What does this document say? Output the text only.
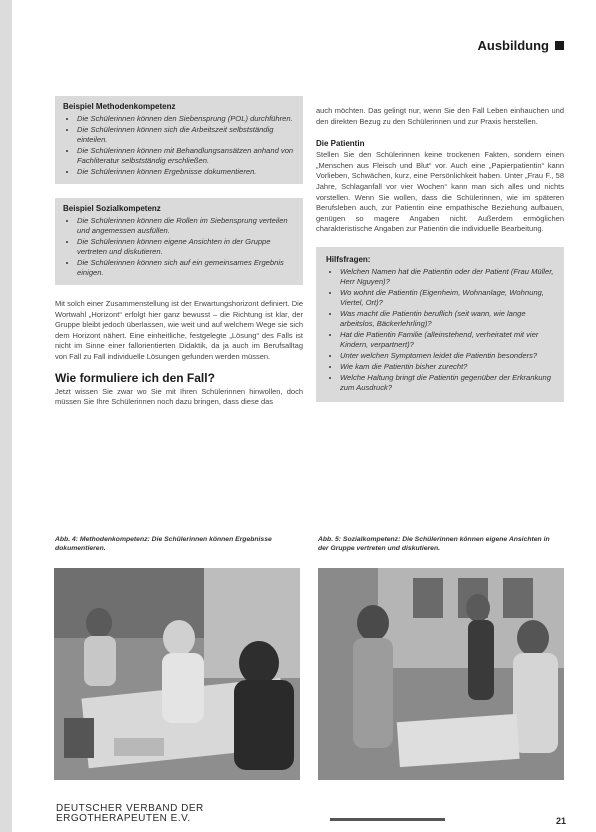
Ausbildung
Beispiel Methodenkompetenz
• Die Schülerinnen können den Siebensprung (POL) durchführen.
• Die Schülerinnen können sich die Arbeitszeit selbstständig einteilen.
• Die Schülerinnen können mit Behandlungsansätzen anhand von Fachliteratur selbstständig erschließen.
• Die Schülerinnen können Ergebnisse dokumentieren.
Beispiel Sozialkompetenz
• Die Schülerinnen können die Rollen im Siebensprung verteilen und angemessen ausfüllen.
• Die Schülerinnen können eigene Ansichten in der Gruppe vertreten und diskutieren.
• Die Schülerinnen können sich auf ein gemeinsames Ergebnis einigen.

Mit solch einer Zusammenstellung ist der Erwartungshorizont definiert. Die Wortwahl „Horizont“ erfolgt hier ganz bewusst – die Richtung ist klar, der Gruppe bleibt jedoch überlassen, wie weit und auf welchem Wege sie sich dem Horizont nähert. Eine einheitliche, festgelegte „Lösung“ des Falls ist nicht im Sinne einer fallorientierten Didaktik, da ja auch im Berufsalltag von Fall zu Fall individuelle Lösungen gefunden werden müssen.

Wie formuliere ich den Fall?

Jetzt wissen Sie zwar wo Sie mit Ihren Schülerinnen hinwollen, doch müssen Sie Ihre Schülerinnen noch dazu bringen, dass diese das

auch möchten. Das gelingt nur, wenn Sie den Fall Leben einhauchen und den direkten Bezug zu den Schülerinnen und zur Praxis herstellen.

Die Patientin

Stellen Sie den Schülerinnen keine trockenen Fakten, sondern einen „Menschen aus Fleisch und Blut“ vor. Auch eine „Papierpatientin“ kann Vorlieben, Schwächen, kurz, eine Persönlichkeit haben. Unter „Frau F., 58 Jahre, Schlaganfall vor vier Wochen“ kann man sich alles und nichts vorstellen. Wenn Sie wollen, dass die Schülerinnen, wie im späteren Berufsleben auch, zur Patientin eine empathische Beziehung aufbauen, genügen so magere Angaben nicht. Außerdem ermöglichen charakteristische Angaben zur Patientin die individuelle Bearbeitung.

Hilfsfragen:
• Welchen Namen hat die Patientin oder der Patient (Frau Müller, Herr Nguyen)?
• Wo wohnt die Patientin (Eigenheim, Wohnanlage, Wohnung, Viertel, Ort)?
• Was macht die Patientin beruflich (seit wann, wie lange arbeitslos, Bäckerlehrling)?
• Hat die Patientin Familie (alleinstehend, verheiratet mit vier Kindern, verpartnert)?
• Unter welchen Symptomen leidet die Patientin besonders?
• Wie kam die Patientin bisher zurecht?
• Welche Haltung bringt die Patientin gegenüber der Erkrankung zum Ausdruck?
Abb. 4: Methodenkompetenz: Die Schülerinnen können Ergebnisse dokumentieren.
Abb. 5: Sozialkompetenz: Die Schülerinnen können eigene Ansichten in der Gruppe vertreten und diskutieren.
DEUTSCHER VERBAND DER
ERGOTHERAPEUTEN E.V.	21
